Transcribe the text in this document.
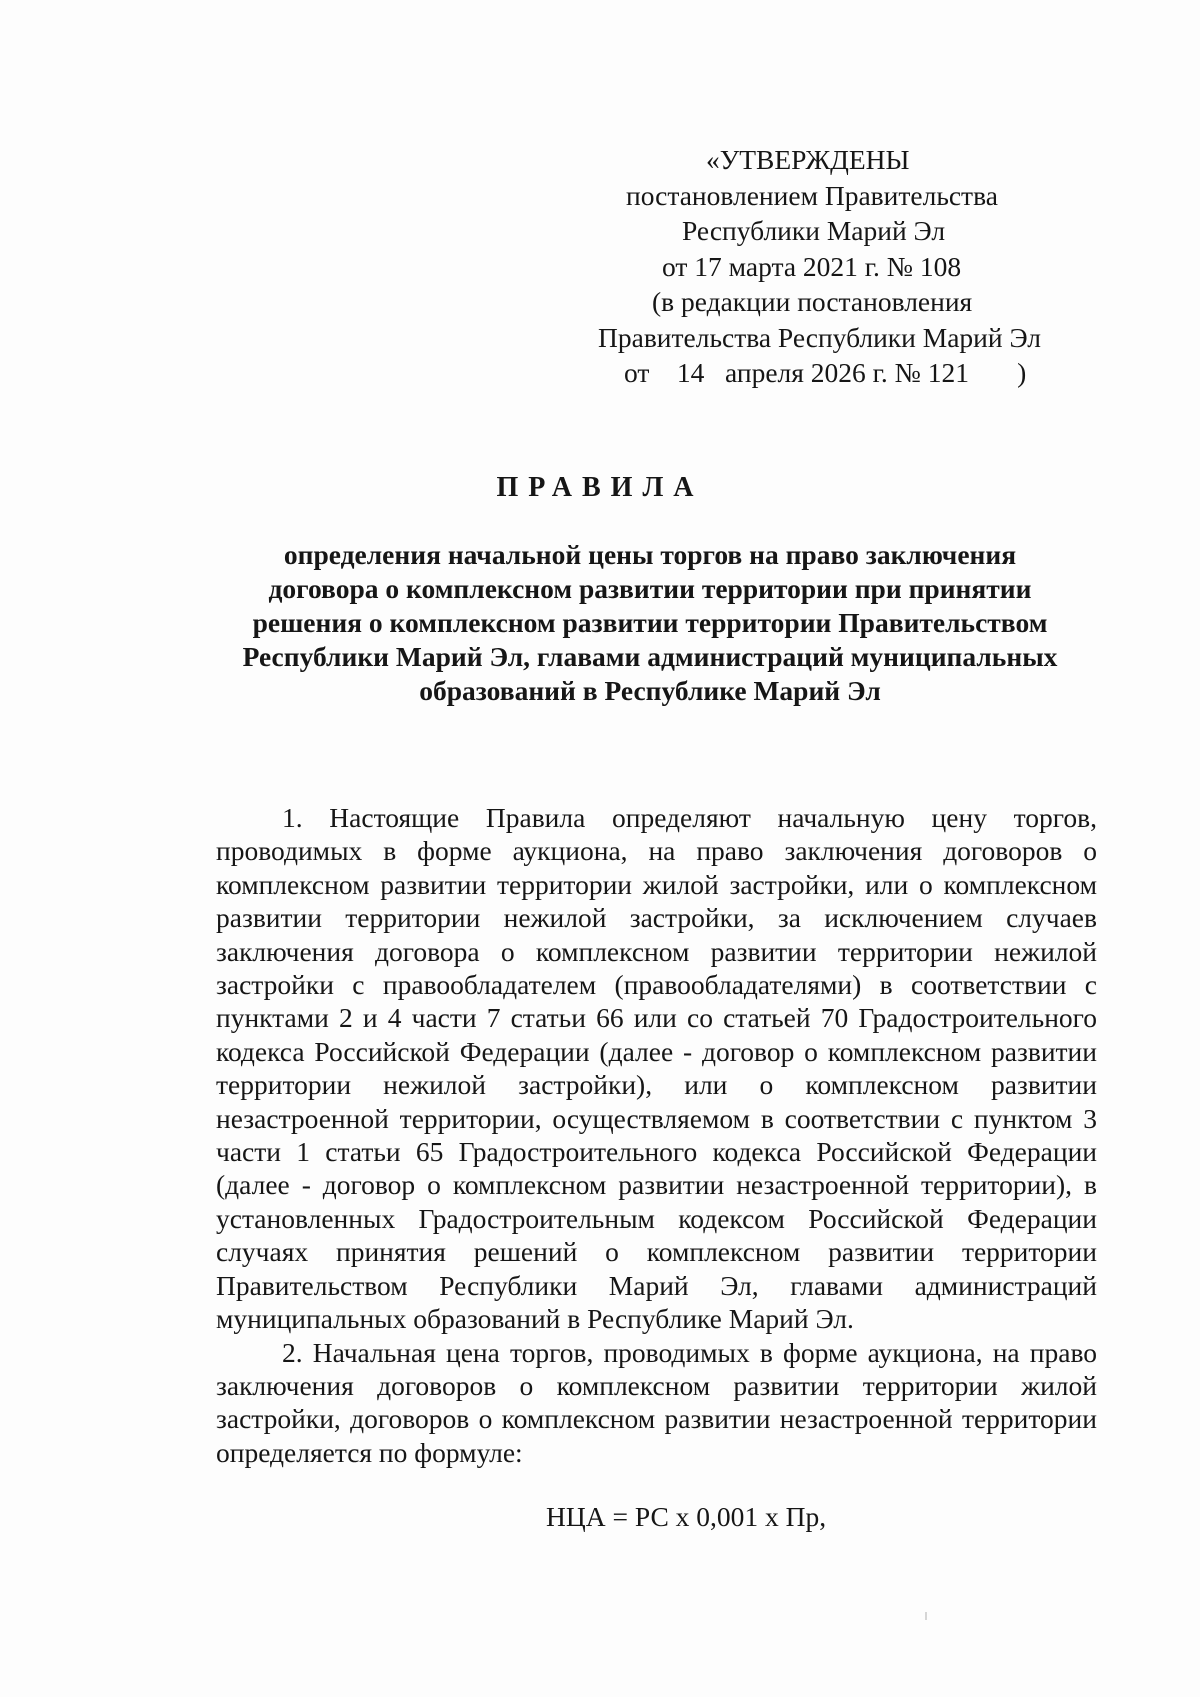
«УТВЕРЖДЕНЫ
постановлением Правительства
Республики Марий Эл
от 17 марта 2021 г. № 108
(в редакции постановления
Правительства Республики Марий Эл
от    14   апреля 2026 г. № 121       )
ПРАВИЛА
определения начальной цены торгов на право заключения
договора о комплексном развитии территории при принятии
решения о комплексном развитии территории Правительством
Республики Марий Эл, главами администраций муниципальных
образований в Республике Марий Эл

1. Настоящие Правила определяют начальную цену торгов, проводимых в форме аукциона, на право заключения договоров о комплексном развитии территории жилой застройки, или о комплексном развитии территории нежилой застройки, за исключением случаев заключения договора о комплексном развитии территории нежилой застройки с правообладателем (правообладателями) в соответствии с пунктами 2 и 4 части 7 статьи 66 или со статьей 70 Градостроительного кодекса Российской Федерации (далее - договор о комплексном развитии территории нежилой застройки), или о комплексном развитии незастроенной территории, осуществляемом в соответствии с пунктом 3 части 1 статьи 65 Градостроительного кодекса Российской Федерации (далее - договор о комплексном развитии незастроенной территории), в установленных Градостроительным кодексом Российской Федерации случаях принятия решений о комплексном развитии территории Правительством Республики Марий Эл, главами администраций муниципальных образований в Республике Марий Эл.

2. Начальная цена торгов, проводимых в форме аукциона, на право заключения договоров о комплексном развитии территории жилой застройки, договоров о комплексном развитии незастроенной территории определяется по формуле:

НЦА = РС х 0,001 х Пр,
